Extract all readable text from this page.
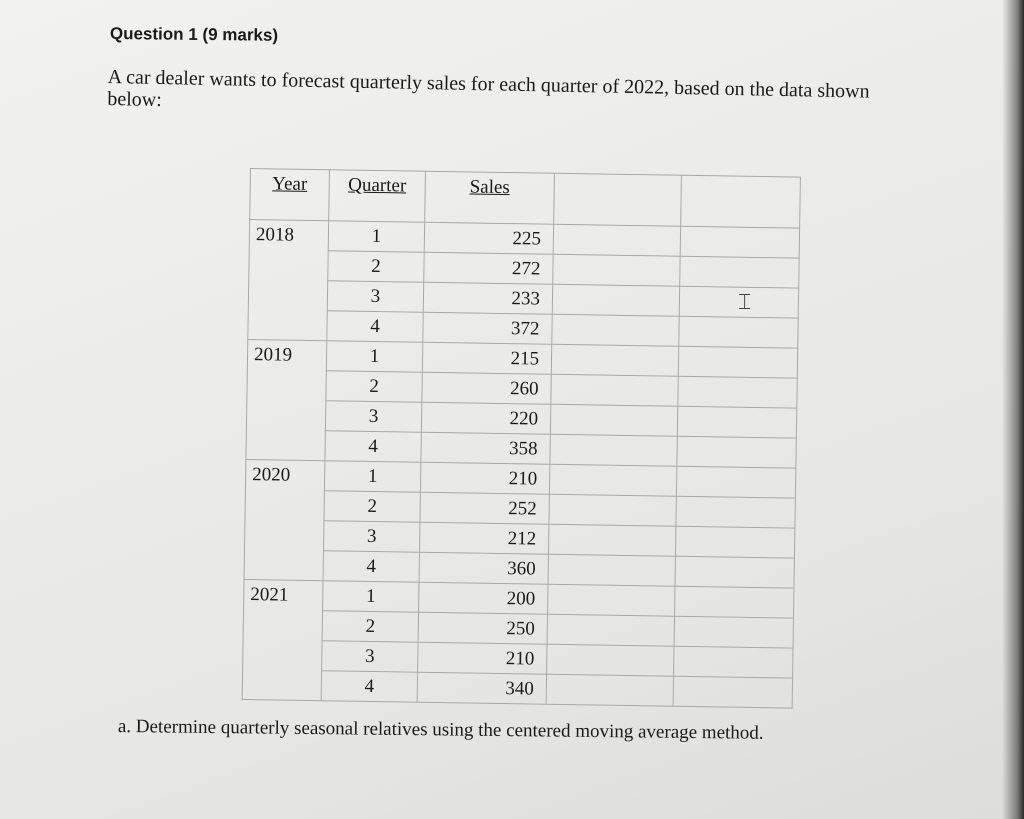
Question 1 (9 marks)
A car dealer wants to forecast quarterly sales for each quarter of 2022, based on the data shown below:
Year	Quarter	Sales		
2018	1	225		
	2	272		
	3	233		
	4	372		
2019	1	215		
	2	260		
	3	220		
	4	358		
2020	1	210		
	2	252		
	3	212		
	4	360		
2021	1	200		
	2	250		
	3	210		
	4	340		
⌶
a. Determine quarterly seasonal relatives using the centered moving average method.
